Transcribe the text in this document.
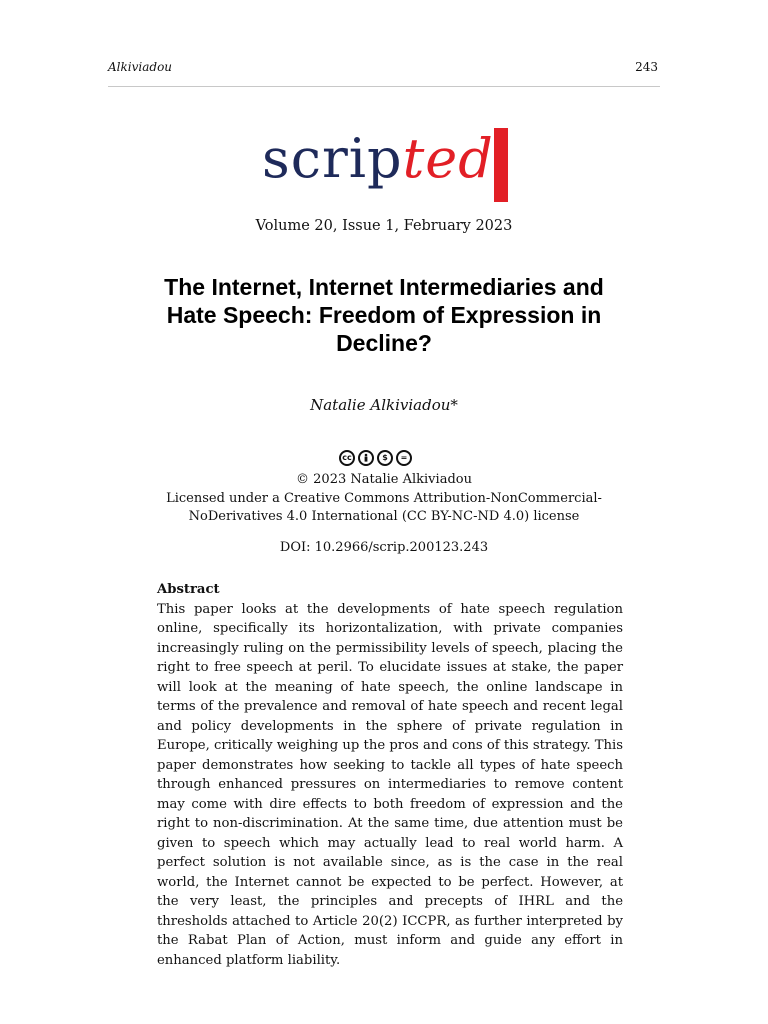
Alkiviadou	243
scripted
Volume 20, Issue 1, February 2023
The Internet, Internet Intermediaries and
Hate Speech: Freedom of Expression in
Decline?
Natalie Alkiviadou*
cc	$	=
© 2023 Natalie Alkiviadou
Licensed under a Creative Commons Attribution-NonCommercial-
NoDerivatives 4.0 International (CC BY-NC-ND 4.0) license
DOI: 10.2966/scrip.200123.243
Abstract
This paper looks at the developments of hate speech regulation online, specifically its horizontalization, with private companies increasingly ruling on the permissibility levels of speech, placing the right to free speech at peril. To elucidate issues at stake, the paper will look at the meaning of hate speech, the online landscape in terms of the prevalence and removal of hate speech and recent legal and policy developments in the sphere of private regulation in Europe, critically weighing up the pros and cons of this strategy. This paper demonstrates how seeking to tackle all types of hate speech through enhanced pressures on intermediaries to remove content may come with dire effects to both freedom of expression and the right to non-discrimination. At the same time, due attention must be given to speech which may actually lead to real world harm. A perfect solution is not available since, as is the case in the real world, the Internet cannot be expected to be perfect. However, at the very least, the principles and precepts of IHRL and the thresholds attached to Article 20(2) ICCPR, as further interpreted by the Rabat Plan of Action, must inform and guide any effort in enhanced platform liability.
